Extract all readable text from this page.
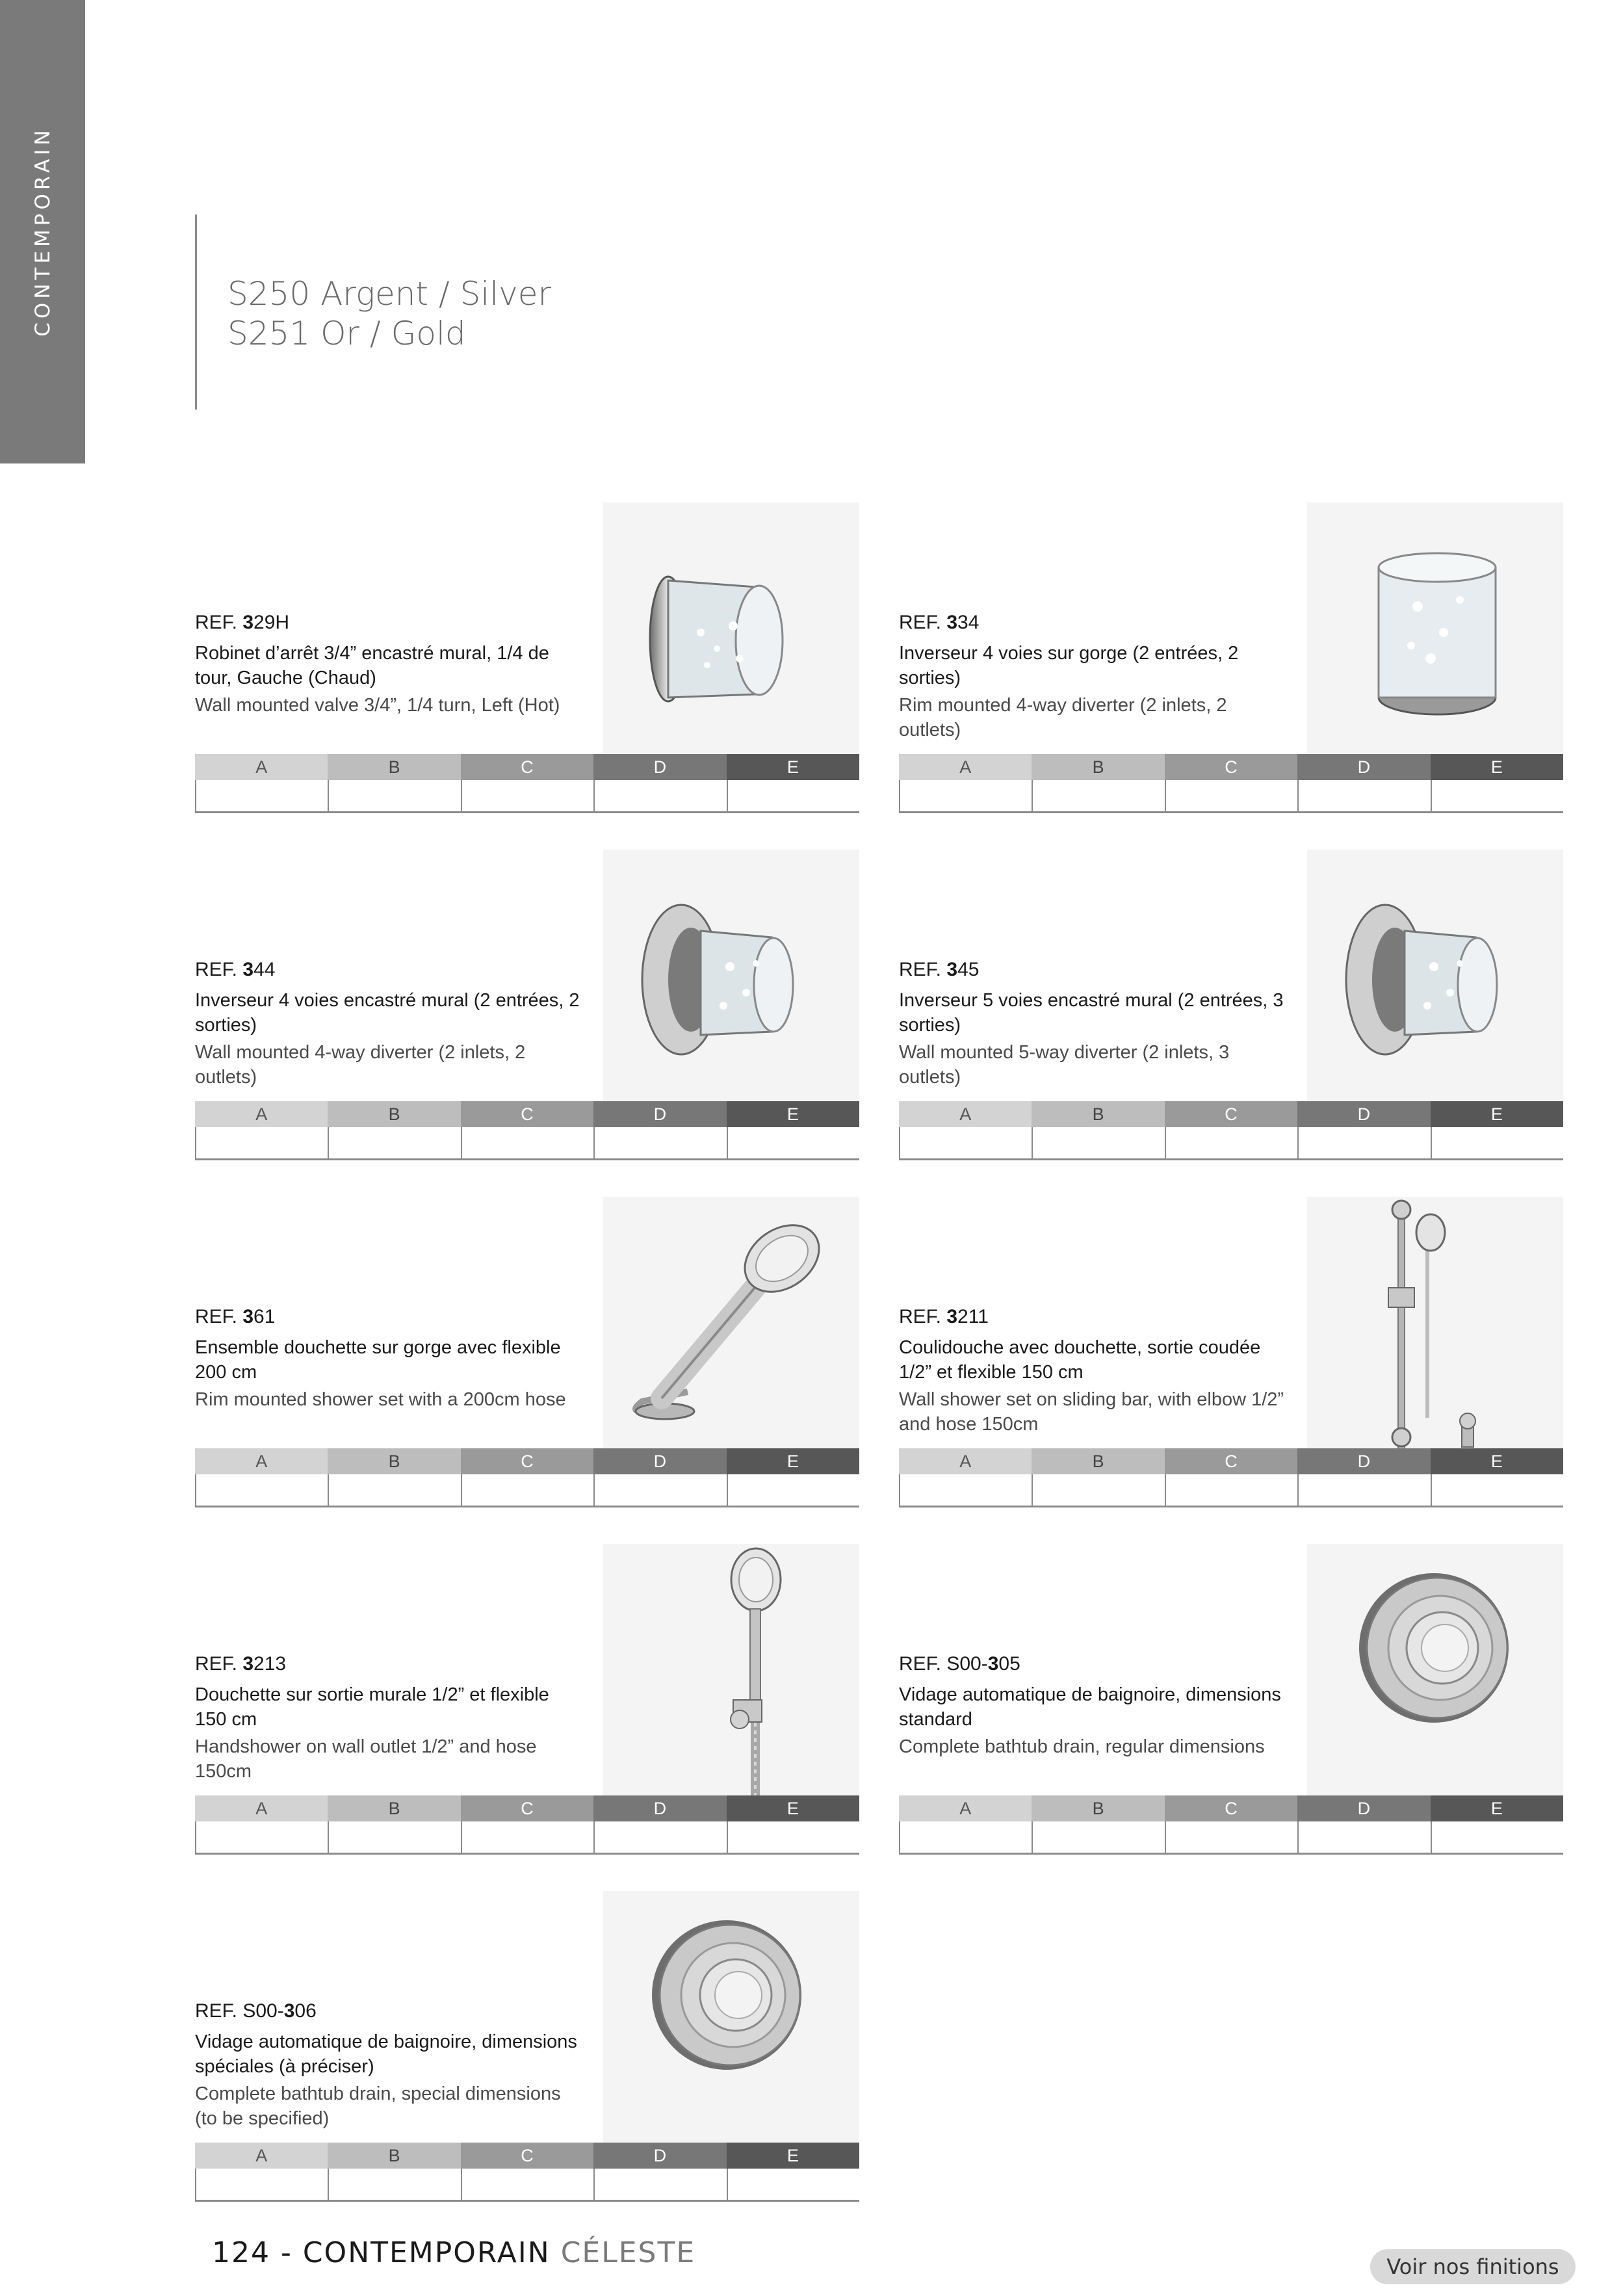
CONTEMPORAIN	S250 Argent / Silver
S251 Or / Gold
REF. 329H
Robinet d’arrêt 3/4” encastré mural, 1/4 de tour, Gauche (Chaud)
Wall mounted valve 3/4”, 1/4 turn, Left (Hot)
A	B	C	D	E
REF. 334
Inverseur 4 voies sur gorge (2 entrées, 2 sorties)
Rim mounted 4-way diverter (2 inlets, 2 outlets)
A	B	C	D	E
REF. 344
Inverseur 4 voies encastré mural (2 entrées, 2 sorties)
Wall mounted 4-way diverter (2 inlets, 2 outlets)
A	B	C	D	E
REF. 345
Inverseur 5 voies encastré mural (2 entrées, 3 sorties)
Wall mounted 5-way diverter (2 inlets, 3 outlets)
A	B	C	D	E
REF. 361
Ensemble douchette sur gorge avec flexible 200 cm
Rim mounted shower set with a 200cm hose
A	B	C	D	E
REF. 3211
Coulidouche avec douchette, sortie coudée 1/2” et flexible 150 cm
Wall shower set on sliding bar, with elbow 1/2” and hose 150cm
A	B	C	D	E
REF. 3213
Douchette sur sortie murale 1/2” et flexible 150 cm
Handshower on wall outlet 1/2” and hose 150cm
A	B	C	D	E
REF. S00-305
Vidage automatique de baignoire, dimensions standard
Complete bathtub drain, regular dimensions
A	B	C	D	E
REF. S00-306
Vidage automatique de baignoire, dimensions spéciales (à préciser)
Complete bathtub drain, special dimensions (to be specified)
A	B	C	D	E
124 - CONTEMPORAIN CÉLESTE	Voir nos finitions
